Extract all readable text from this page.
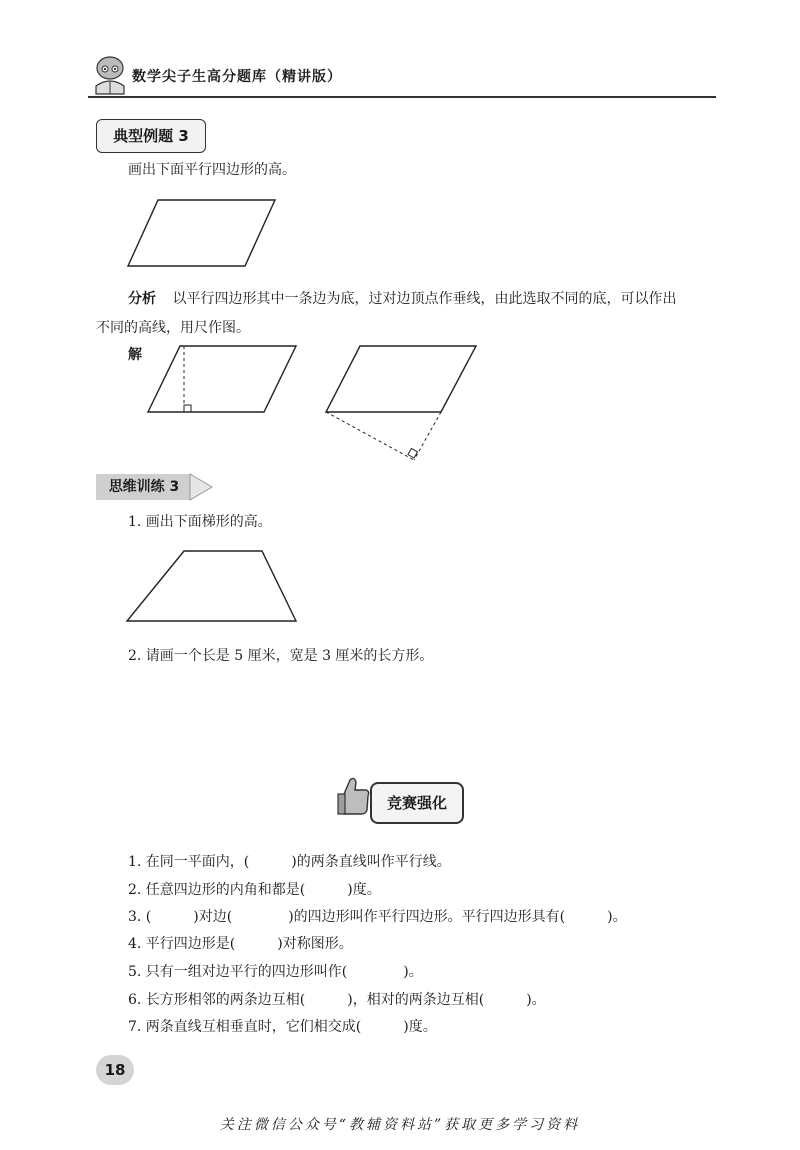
数学尖子生高分题库（精讲版）
典型例题 3
画出下面平行四边形的高。
分析 以平行四边形其中一条边为底，过对边顶点作垂线，由此选取不同的底，可以作出
不同的高线，用尺作图。
解
思维训练 3
1. 画出下面梯形的高。
2. 请画一个长是 5 厘米，宽是 3 厘米的长方形。
竞赛强化
1. 在同一平面内，(　　　)的两条直线叫作平行线。
2. 任意四边形的内角和都是(　　　)度。
3. (　　　)对边(　　　　)的四边形叫作平行四边形。平行四边形具有(　　　)。
4. 平行四边形是(　　　)对称图形。
5. 只有一组对边平行的四边形叫作(　　　　)。
6. 长方形相邻的两条边互相(　　　)，相对的两条边互相(　　　)。
7. 两条直线互相垂直时，它们相交成(　　　)度。
18
关注微信公众号“教辅资料站”获取更多学习资料
